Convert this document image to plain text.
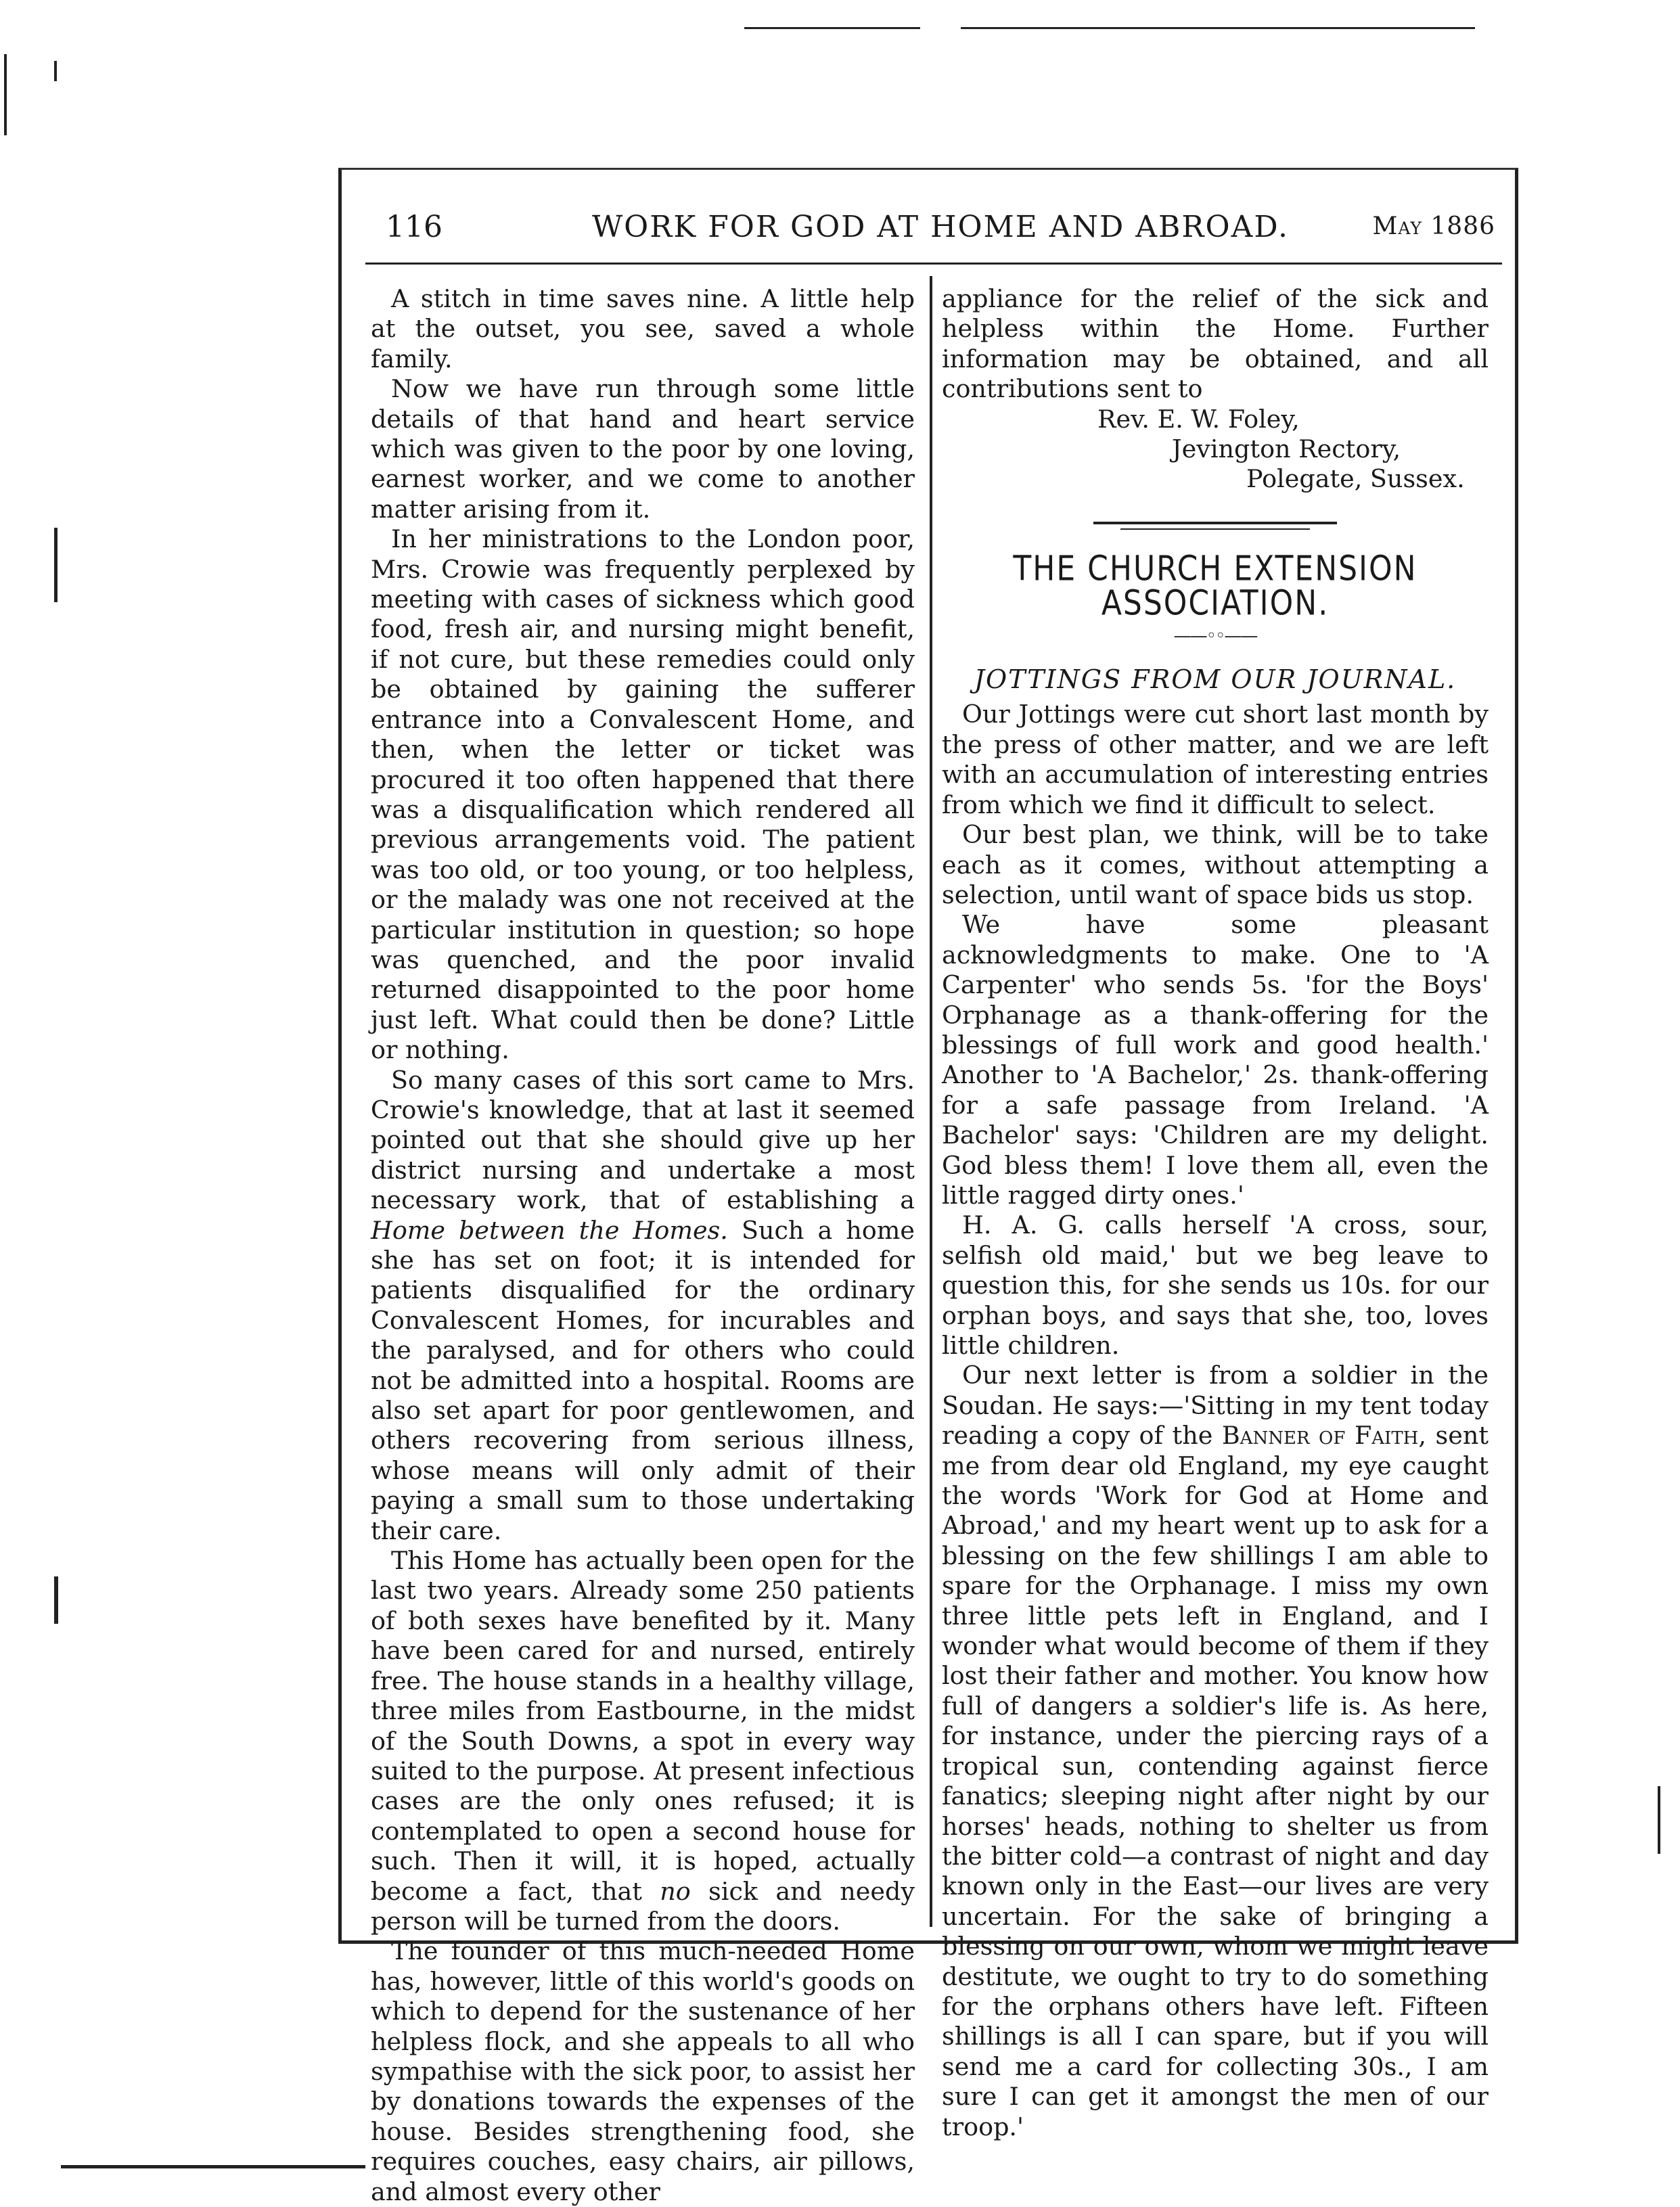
WORK FOR GOD AT HOME AND ABROAD.
116	May 1886

A stitch in time saves nine. A little help at the outset, you see, saved a whole family.

Now we have run through some little details of that hand and heart service which was given to the poor by one loving, earnest worker, and we come to another matter arising from it.

In her ministrations to the London poor, Mrs. Crowie was frequently perplexed by meeting with cases of sickness which good food, fresh air, and nursing might benefit, if not cure, but these remedies could only be obtained by gaining the sufferer entrance into a Convalescent Home, and then, when the letter or ticket was procured it too often happened that there was a disqualification which rendered all previous arrangements void. The patient was too old, or too young, or too helpless, or the malady was one not received at the particular institution in question; so hope was quenched, and the poor invalid returned disappointed to the poor home just left. What could then be done? Little or nothing.

So many cases of this sort came to Mrs. Crowie's knowledge, that at last it seemed pointed out that she should give up her district nursing and undertake a most necessary work, that of establishing a Home between the Homes. Such a home she has set on foot; it is intended for patients disqualified for the ordinary Convalescent Homes, for incurables and the paralysed, and for others who could not be admitted into a hospital. Rooms are also set apart for poor gentlewomen, and others recovering from serious illness, whose means will only admit of their paying a small sum to those undertaking their care.

This Home has actually been open for the last two years. Already some 250 patients of both sexes have benefited by it. Many have been cared for and nursed, entirely free. The house stands in a healthy village, three miles from Eastbourne, in the midst of the South Downs, a spot in every way suited to the purpose. At present infectious cases are the only ones refused; it is contemplated to open a second house for such. Then it will, it is hoped, actually become a fact, that no sick and needy person will be turned from the doors.

The founder of this much-needed Home has, however, little of this world's goods on which to depend for the sustenance of her helpless flock, and she appeals to all who sympathise with the sick poor, to assist her by donations towards the expenses of the house. Besides strengthening food, she requires couches, easy chairs, air pillows, and almost every other

appliance for the relief of the sick and helpless within the Home. Further information may be obtained, and all contributions sent to

Rev. E. W. Foley,
Jevington Rectory,
Polegate, Sussex.
THE CHURCH EXTENSION ASSOCIATION.
——◦◦——
JOTTINGS FROM OUR JOURNAL.

Our Jottings were cut short last month by the press of other matter, and we are left with an accumulation of interesting entries from which we find it difficult to select.

Our best plan, we think, will be to take each as it comes, without attempting a selection, until want of space bids us stop.

We have some pleasant acknowledgments to make. One to 'A Carpenter' who sends 5s. 'for the Boys' Orphanage as a thank-offering for the blessings of full work and good health.' Another to 'A Bachelor,' 2s. thank-offering for a safe passage from Ireland. 'A Bachelor' says: 'Children are my delight. God bless them! I love them all, even the little ragged dirty ones.'

H. A. G. calls herself 'A cross, sour, selfish old maid,' but we beg leave to question this, for she sends us 10s. for our orphan boys, and says that she, too, loves little children.

Our next letter is from a soldier in the Soudan. He says:—'Sitting in my tent today reading a copy of the Banner of Faith, sent me from dear old England, my eye caught the words 'Work for God at Home and Abroad,' and my heart went up to ask for a blessing on the few shillings I am able to spare for the Orphanage. I miss my own three little pets left in England, and I wonder what would become of them if they lost their father and mother. You know how full of dangers a soldier's life is. As here, for instance, under the piercing rays of a tropical sun, contending against fierce fanatics; sleeping night after night by our horses' heads, nothing to shelter us from the bitter cold—a contrast of night and day known only in the East—our lives are very uncertain. For the sake of bringing a blessing on our own, whom we might leave destitute, we ought to try to do something for the orphans others have left. Fifteen shillings is all I can spare, but if you will send me a card for collecting 30s., I am sure I can get it amongst the men of our troop.'
